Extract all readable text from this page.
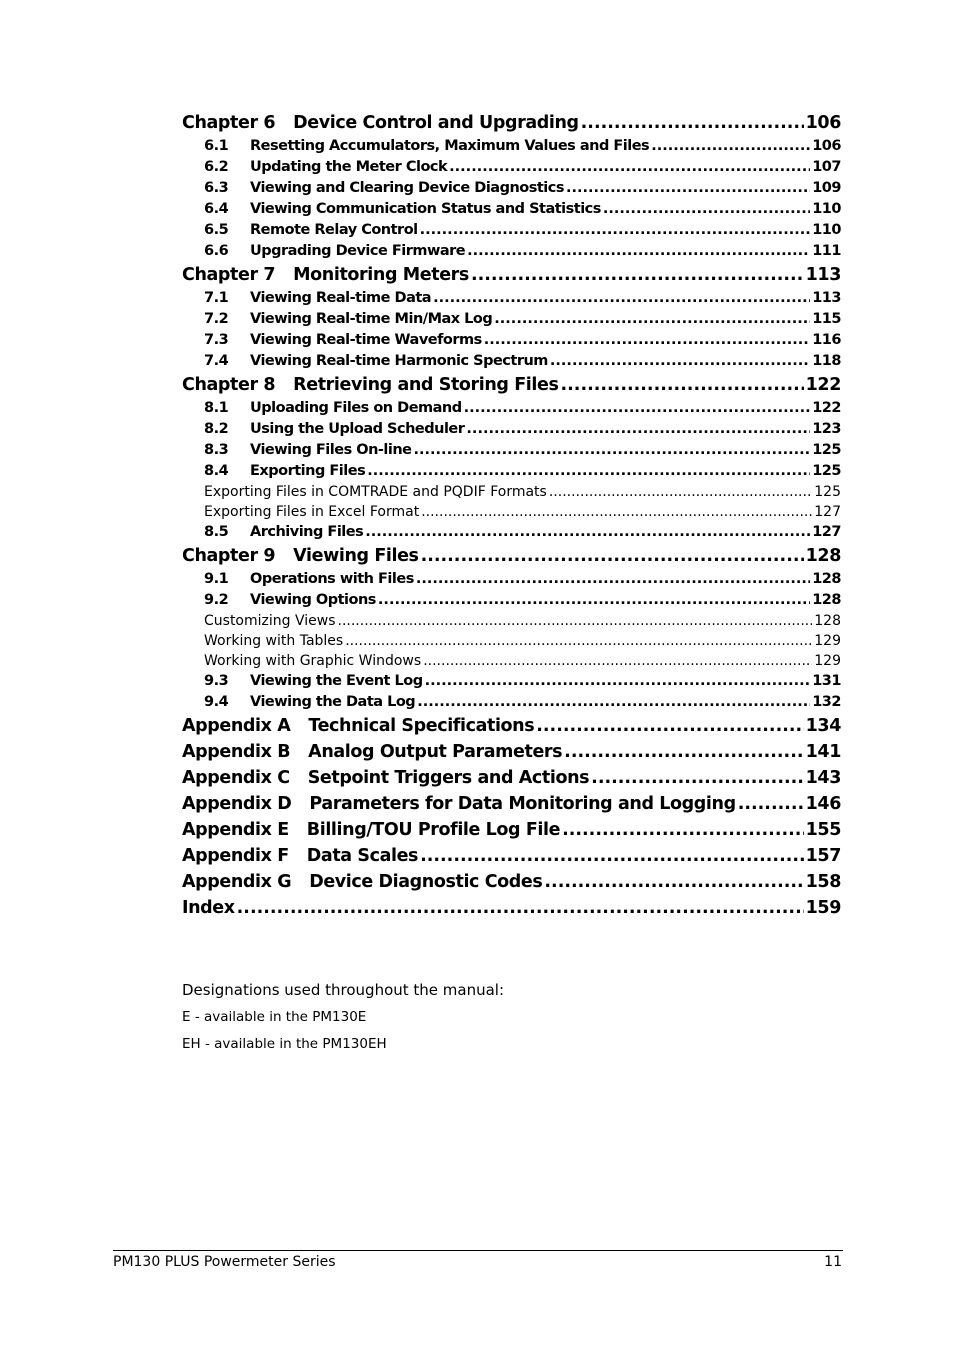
Chapter 6 Device Control and Upgrading .....	106
6.1	Resetting Accumulators, Maximum Values and Files .....	106
6.2	Updating the Meter Clock .....	107
6.3	Viewing and Clearing Device Diagnostics .....	109
6.4	Viewing Communication Status and Statistics .....	110
6.5	Remote Relay Control .....	110
6.6	Upgrading Device Firmware .....	111
Chapter 7 Monitoring Meters .....	113
7.1	Viewing Real-time Data .....	113
7.2	Viewing Real-time Min/Max Log .....	115
7.3	Viewing Real-time Waveforms .....	116
7.4	Viewing Real-time Harmonic Spectrum .....	118
Chapter 8 Retrieving and Storing Files .....	122
8.1	Uploading Files on Demand .....	122
8.2	Using the Upload Scheduler .....	123
8.3	Viewing Files On-line .....	125
8.4	Exporting Files .....	125
Exporting Files in COMTRADE and PQDIF Formats .....	125
Exporting Files in Excel Format .....	127
8.5	Archiving Files .....	127
Chapter 9 Viewing Files .....	128
9.1	Operations with Files .....	128
9.2	Viewing Options .....	128
Customizing Views .....	128
Working with Tables .....	129
Working with Graphic Windows .....	129
9.3	Viewing the Event Log .....	131
9.4	Viewing the Data Log .....	132
Appendix A Technical Specifications .....	134
Appendix B Analog Output Parameters .....	141
Appendix C Setpoint Triggers and Actions .....	143
Appendix D Parameters for Data Monitoring and Logging .....	146
Appendix E Billing/TOU Profile Log File .....	155
Appendix F Data Scales .....	157
Appendix G Device Diagnostic Codes .....	158
Index .....	159
Designations used throughout the manual:
E - available in the PM130E
EH - available in the PM130EH
PM130 PLUS Powermeter Series	11
